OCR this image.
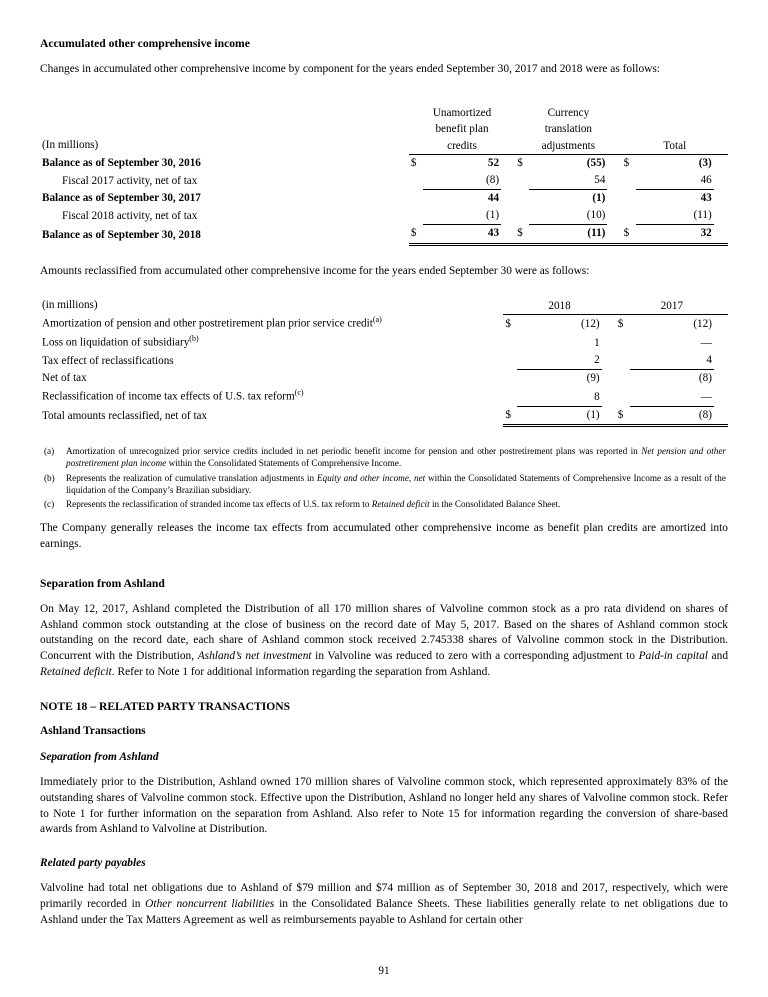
Accumulated other comprehensive income

Changes in accumulated other comprehensive income by component for the years ended September 30, 2017 and 2018 were as follows:

	Unamortized			Currency					
	benefit plan			translation					
(In millions)	credits			adjustments			Total		
Balance as of September 30, 2016	$	52		$	(55)		$	(3)	
Fiscal 2017 activity, net of tax		(8)			54			46	
Balance as of September 30, 2017		44			(1)			43	
Fiscal 2018 activity, net of tax		(1)			(10)			(11)	
Balance as of September 30, 2018	$	43		$	(11)		$	32	

Amounts reclassified from accumulated other comprehensive income for the years ended September 30 were as follows:

(in millions)	2018			2017		
Amortization of pension and other postretirement plan prior service credit$^{(a)}$	$	(12)		$	(12)	
Loss on liquidation of subsidiary$^{(b)}$		1			—	
Tax effect of reclassifications		2			4	
Net of tax		(9)			(8)	
Reclassification of income tax effects of U.S. tax reform$^{(c)}$		8			—	
Total amounts reclassified, net of tax	$	(1)		$	(8)	
(a) Amortization of unrecognized prior service credits included in net periodic benefit income for pension and other postretirement plans was reported in Net pension and other postretirement plan income within the Consolidated Statements of Comprehensive Income.
(b) Represents the realization of cumulative translation adjustments in Equity and other income, net within the Consolidated Statements of Comprehensive Income as a result of the liquidation of the Company’s Brazilian subsidiary.
(c) Represents the reclassification of stranded income tax effects of U.S. tax reform to Retained deficit in the Consolidated Balance Sheet.

The Company generally releases the income tax effects from accumulated other comprehensive income as benefit plan credits are amortized into earnings.

Separation from Ashland

On May 12, 2017, Ashland completed the Distribution of all 170 million shares of Valvoline common stock as a pro rata dividend on shares of Ashland common stock outstanding at the close of business on the record date of May 5, 2017. Based on the shares of Ashland common stock outstanding on the record date, each share of Ashland common stock received 2.745338 shares of Valvoline common stock in the Distribution. Concurrent with the Distribution, Ashland’s net investment in Valvoline was reduced to zero with a corresponding adjustment to Paid-in capital and Retained deficit. Refer to Note 1 for additional information regarding the separation from Ashland.

NOTE 18 – RELATED PARTY TRANSACTIONS
Ashland Transactions
Separation from Ashland

Immediately prior to the Distribution, Ashland owned 170 million shares of Valvoline common stock, which represented approximately 83% of the outstanding shares of Valvoline common stock. Effective upon the Distribution, Ashland no longer held any shares of Valvoline common stock. Refer to Note 1 for further information on the separation from Ashland. Also refer to Note 15 for information regarding the conversion of share-based awards from Ashland to Valvoline at Distribution.

Related party payables

Valvoline had total net obligations due to Ashland of $79 million and $74 million as of September 30, 2018 and 2017, respectively, which were primarily recorded in Other noncurrent liabilities in the Consolidated Balance Sheets. These liabilities generally relate to net obligations due to Ashland under the Tax Matters Agreement as well as reimbursements payable to Ashland for certain other

91
